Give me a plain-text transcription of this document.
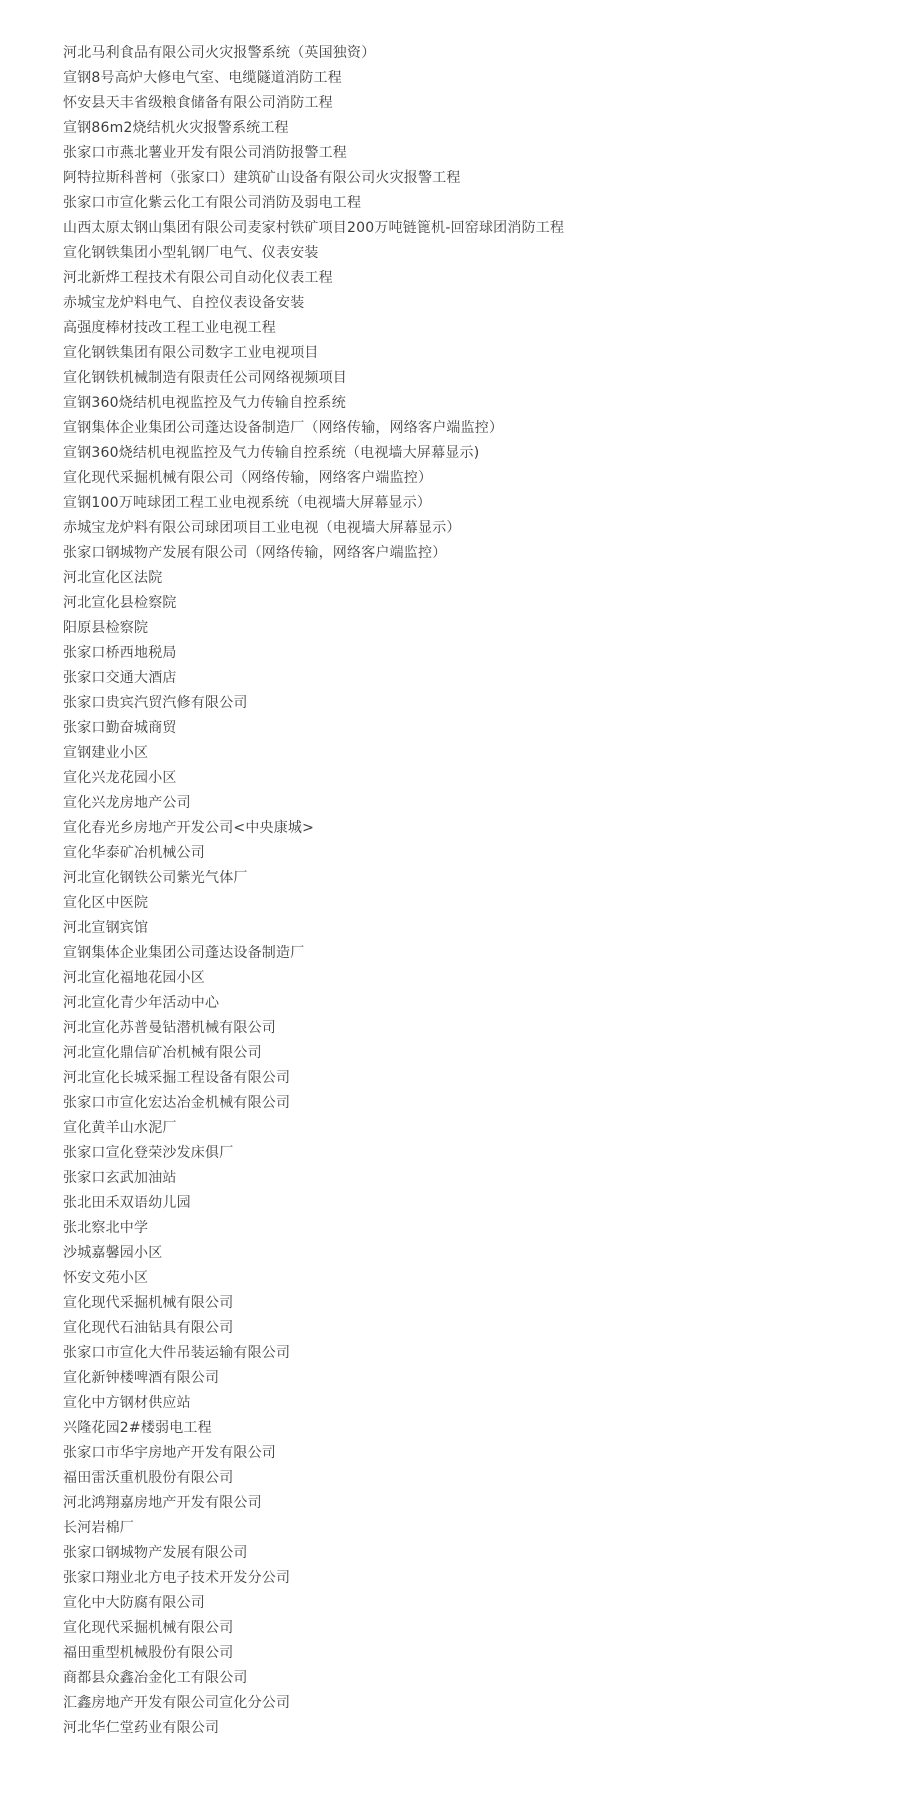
河北马利食品有限公司火灾报警系统（英国独资）
宣钢8号高炉大修电气室、电缆隧道消防工程
怀安县天丰省级粮食储备有限公司消防工程
宣钢86m2烧结机火灾报警系统工程
张家口市燕北薯业开发有限公司消防报警工程
阿特拉斯科普柯（张家口）建筑矿山设备有限公司火灾报警工程
张家口市宣化紫云化工有限公司消防及弱电工程
山西太原太钢山集团有限公司麦家村铁矿项目200万吨链篦机-回窑球团消防工程
宣化钢铁集团小型轧钢厂电气、仪表安装
河北新烨工程技术有限公司自动化仪表工程
赤城宝龙炉料电气、自控仪表设备安装
高强度棒材技改工程工业电视工程
宣化钢铁集团有限公司数字工业电视项目
宣化钢铁机械制造有限责任公司网络视频项目
宣钢360烧结机电视监控及气力传输自控系统
宣钢集体企业集团公司蓬达设备制造厂（网络传输，网络客户端监控）
宣钢360烧结机电视监控及气力传输自控系统（电视墙大屏幕显示)
宣化现代采掘机械有限公司（网络传输，网络客户端监控）
宣钢100万吨球团工程工业电视系统（电视墙大屏幕显示）
赤城宝龙炉料有限公司球团项目工业电视（电视墙大屏幕显示）
张家口钢城物产发展有限公司（网络传输，网络客户端监控）
河北宣化区法院
河北宣化县检察院
阳原县检察院
张家口桥西地税局
张家口交通大酒店
张家口贵宾汽贸汽修有限公司
张家口勤奋城商贸
宣钢建业小区
宣化兴龙花园小区
宣化兴龙房地产公司
宣化春光乡房地产开发公司<中央康城>
宣化华泰矿冶机械公司
河北宣化钢铁公司紫光气体厂
宣化区中医院
河北宣钢宾馆
宣钢集体企业集团公司蓬达设备制造厂
河北宣化福地花园小区
河北宣化青少年活动中心
河北宣化苏普曼钻潜机械有限公司
河北宣化鼎信矿冶机械有限公司
河北宣化长城采掘工程设备有限公司
张家口市宣化宏达冶金机械有限公司
宣化黄羊山水泥厂
张家口宣化登荣沙发床俱厂
张家口玄武加油站
张北田禾双语幼儿园
张北察北中学
沙城嘉馨园小区
怀安文苑小区
宣化现代采掘机械有限公司
宣化现代石油钻具有限公司
张家口市宣化大件吊装运输有限公司
宣化新钟楼啤酒有限公司
宣化中方钢材供应站
兴隆花园2#楼弱电工程
张家口市华宇房地产开发有限公司
福田雷沃重机股份有限公司
河北鸿翔嘉房地产开发有限公司
长河岩棉厂
张家口钢城物产发展有限公司
张家口翔业北方电子技术开发分公司
宣化中大防腐有限公司
宣化现代采掘机械有限公司
福田重型机械股份有限公司
商都县众鑫冶金化工有限公司
汇鑫房地产开发有限公司宣化分公司
河北华仁堂药业有限公司
